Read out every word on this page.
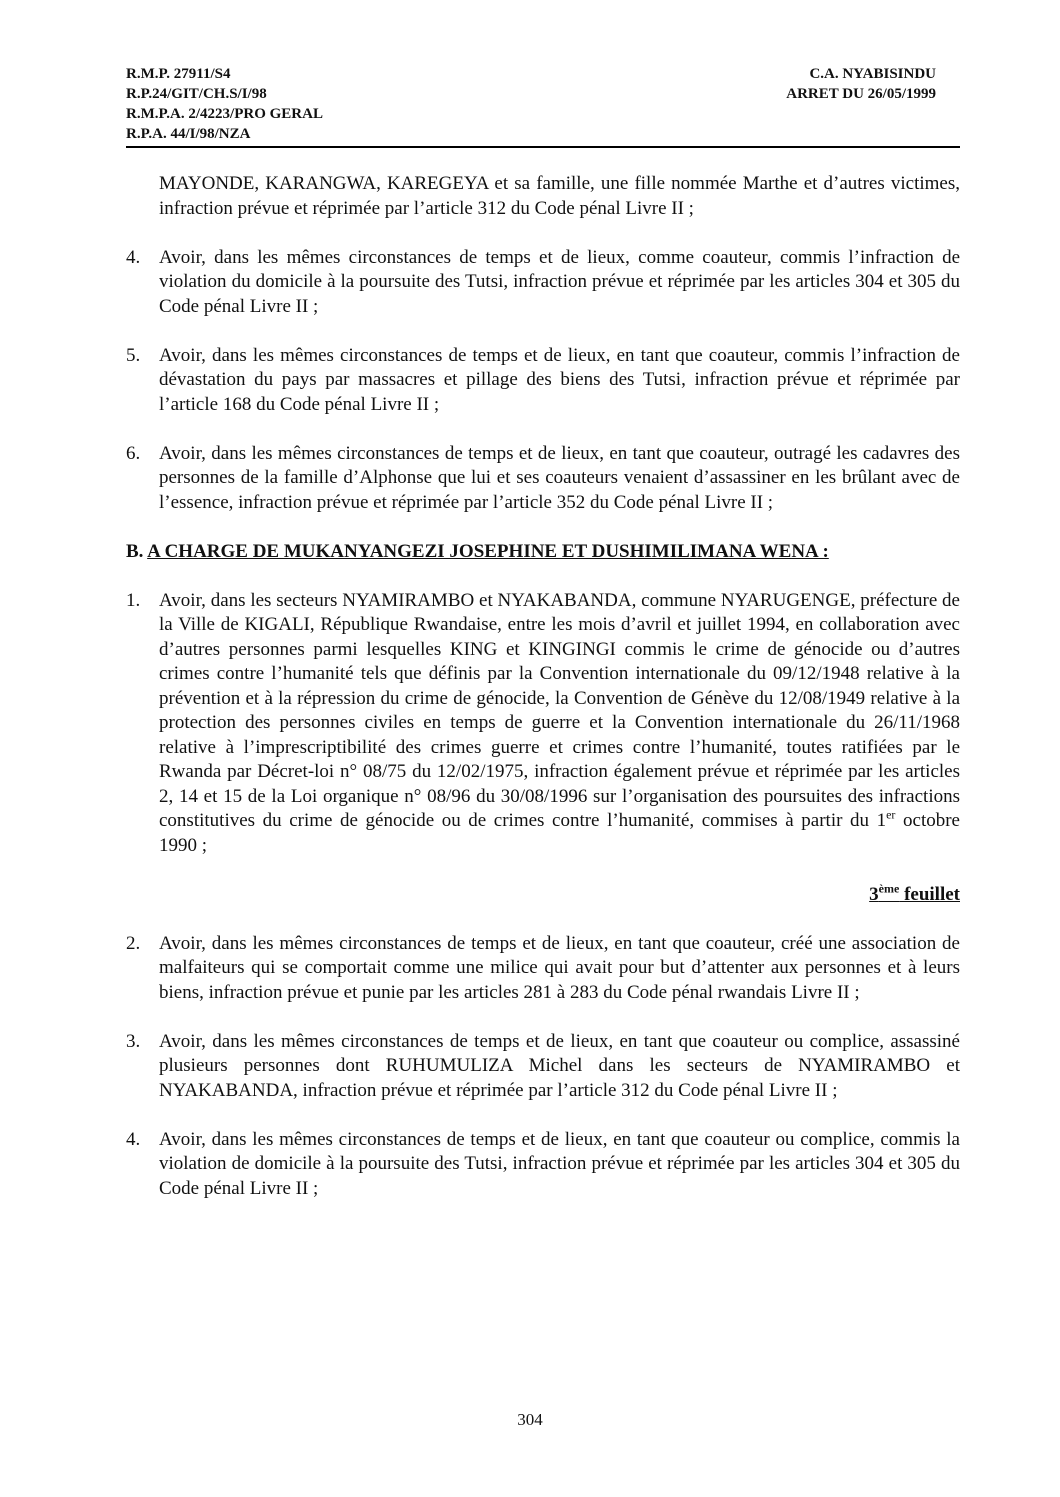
R.M.P. 27911/S4
R.P.24/GIT/CH.S/I/98
R.M.P.A. 2/4223/PRO GERAL
R.P.A. 44/I/98/NZA
C.A. NYABISINDU
ARRET DU 26/05/1999

MAYONDE, KARANGWA, KAREGEYA et sa famille, une fille nommée Marthe et d’autres victimes, infraction prévue et réprimée par l’article 312 du Code pénal Livre II ;

4. Avoir, dans les mêmes circonstances de temps et de lieux, comme coauteur, commis l’infraction de violation du domicile à la poursuite des Tutsi, infraction prévue et réprimée par les articles 304 et 305 du Code pénal Livre II ;
5. Avoir, dans les mêmes circonstances de temps et de lieux, en tant que coauteur, commis l’infraction de dévastation du pays par massacres et pillage des biens des Tutsi, infraction prévue et réprimée par l’article 168 du Code pénal Livre II ;
6. Avoir, dans les mêmes circonstances de temps et de lieux, en tant que coauteur, outragé les cadavres des personnes de la famille d’Alphonse que lui et ses coauteurs venaient d’assassiner en les brûlant avec de l’essence, infraction prévue et réprimée par l’article 352 du Code pénal Livre II ;

B. A CHARGE DE MUKANYANGEZI JOSEPHINE ET DUSHIMILIMANA WENA :

1. Avoir, dans les secteurs NYAMIRAMBO et NYAKABANDA, commune NYARUGENGE, préfecture de la Ville de KIGALI, République Rwandaise, entre les mois d’avril et juillet 1994, en collaboration avec d’autres personnes parmi lesquelles KING et KINGINGI commis le crime de génocide ou d’autres crimes contre l’humanité tels que définis par la Convention internationale du 09/12/1948 relative à la prévention et à la répression du crime de génocide, la Convention de Génève du 12/08/1949 relative à la protection des personnes civiles en temps de guerre et la Convention internationale du 26/11/1968 relative à l’imprescriptibilité des crimes guerre et crimes contre l’humanité, toutes ratifiées par le Rwanda par Décret-loi n° 08/75 du 12/02/1975, infraction également prévue et réprimée par les articles 2, 14 et 15 de la Loi organique n° 08/96 du 30/08/1996 sur l’organisation des poursuites des infractions constitutives du crime de génocide ou de crimes contre l’humanité, commises à partir du 1er octobre 1990 ;

3ème feuillet

2. Avoir, dans les mêmes circonstances de temps et de lieux, en tant que coauteur, créé une association de malfaiteurs qui se comportait comme une milice qui avait pour but d’attenter aux personnes et à leurs biens, infraction prévue et punie par les articles 281 à 283 du Code pénal rwandais Livre II ;
3. Avoir, dans les mêmes circonstances de temps et de lieux, en tant que coauteur ou complice, assassiné plusieurs personnes dont RUHUMULIZA Michel dans les secteurs de NYAMIRAMBO et NYAKABANDA, infraction prévue et réprimée par l’article 312 du Code pénal Livre II ;
4. Avoir, dans les mêmes circonstances de temps et de lieux, en tant que coauteur ou complice, commis la violation de domicile à la poursuite des Tutsi, infraction prévue et réprimée par les articles 304 et 305 du Code pénal Livre II ;
304
